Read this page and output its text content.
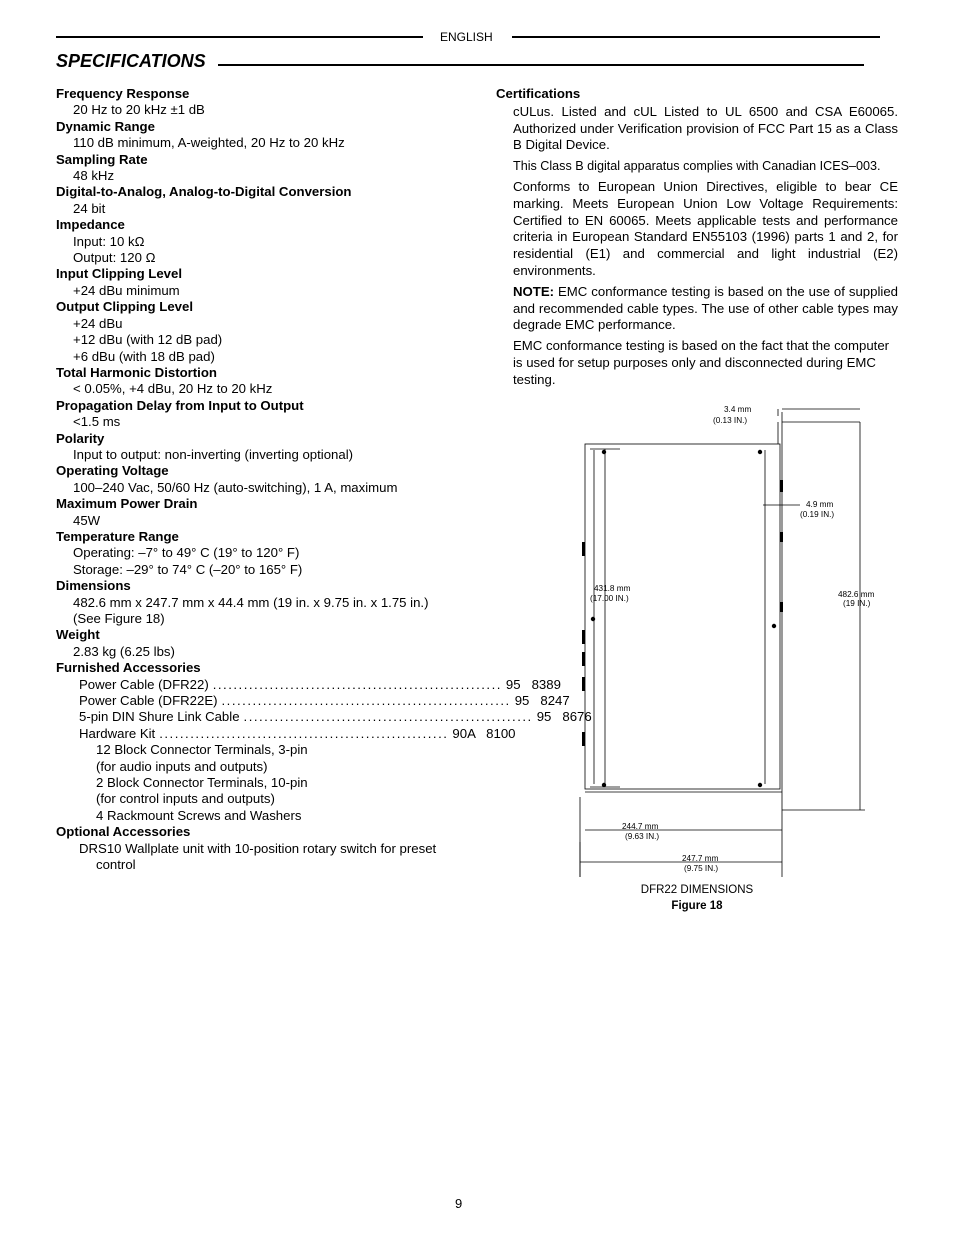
ENGLISH
SPECIFICATIONS
Frequency Response
20 Hz to 20 kHz ±1 dB
Dynamic Range
110 dB minimum, A-weighted, 20 Hz to 20 kHz
Sampling Rate
48 kHz
Digital-to-Analog, Analog-to-Digital Conversion
24 bit
Impedance
Input: 10 kΩ
Output: 120 Ω
Input Clipping Level
+24 dBu minimum
Output Clipping Level
+24 dBu
+12 dBu (with 12 dB pad)
+6 dBu (with 18 dB pad)
Total Harmonic Distortion
< 0.05%, +4 dBu, 20 Hz to 20 kHz
Propagation Delay from Input to Output
<1.5 ms
Polarity
Input to output: non-inverting (inverting optional)
Operating Voltage
100–240 Vac, 50/60 Hz (auto-switching), 1 A, maximum
Maximum Power Drain
45W
Temperature Range
Operating: –7° to 49° C (19° to 120° F)
Storage: –29° to 74° C (–20° to 165° F)
Dimensions
482.6 mm x 247.7 mm x 44.4 mm (19 in. x 9.75 in. x 1.75 in.)
(See Figure 18)
Weight
2.83 kg (6.25 lbs)
Furnished Accessories
Power Cable (DFR22) ........................................................ 95   8389
Power Cable (DFR22E) ........................................................ 95   8247
5-pin DIN Shure Link Cable ........................................................ 95   8676
Hardware Kit ........................................................ 90A   8100
12 Block Connector Terminals, 3-pin
(for audio inputs and outputs)
2 Block Connector Terminals, 10-pin
(for control inputs and outputs)
4 Rackmount Screws and Washers
Optional Accessories
DRS10 Wallplate unit with 10-position rotary switch for preset
control
Certifications

cULus. Listed and cUL Listed to UL 6500 and CSA E60065. Authorized under Verification provision of FCC Part 15 as a Class B Digital Device.

This Class B digital apparatus complies with Canadian ICES–003.

Conforms to European Union Directives, eligible to bear CE marking. Meets European Union Low Voltage Requirements: Certified to EN 60065. Meets applicable tests and performance criteria in European Standard EN55103 (1996) parts 1 and 2, for residential (E1) and commercial and light industrial (E2) environments.

NOTE: EMC conformance testing is based on the use of supplied and recommended cable types. The use of other cable types may degrade EMC performance.

EMC conformance testing is based on the fact that the computer is used for setup purposes only and disconnected during EMC testing.

3.4 mm
(0.13 IN.)
4.9 mm
(0.19 IN.)
431.8 mm
(17.00 IN.)	482.6 mm
(19 IN.)
244.7 mm
(9.63 IN.)
247.7 mm
(9.75 IN.)
DFR22 DIMENSIONS
Figure 18
9
